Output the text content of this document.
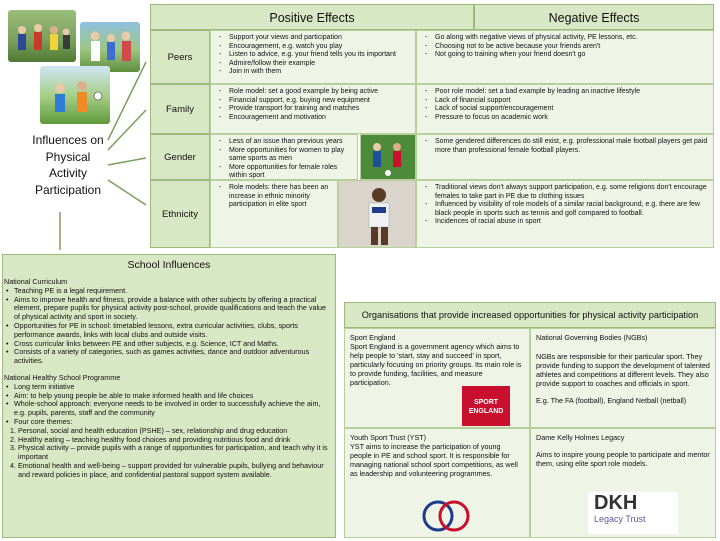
Positive Effects	Negative Effects
Influences on
Physical
Activity
Participation
Peers
Family
Gender
Ethnicity
- Support your views and participation
- Encouragement, e.g. watch you play
- Listen to advice, e.g. your friend tells you its important
- Admire/follow their example
- Join in with them
- Role model: set a good example by being active
- Financial support, e.g. buying new equipment
- Provide transport for training and matches
- Encouragement and motivation
- Less of an issue than previous years
- More opportunities for women to play same sports as men
- More opportunities for female roles within sport
- Role models: there has been an increase in ethnic minority participation in elite sport
- Go along with negative views of physical activity, PE lessons, etc.
- Choosing not to be active because your friends aren't
- Not going to training when your friend doesn't go
- Poor role model: set a bad example by leading an inactive lifestyle
- Lack of financial support
- Lack of social support/encouragement
- Pressure to focus on academic work
- Some gendered differences do still exist, e.g. professional male football players get paid more than professional female football players.
- Traditional views don't always support participation, e.g. some religions don't encourage females to take part in PE due to clothing issues
- Influenced by visibility of role models of a similar racial background, e.g. there are few black people in sports such as tennis and golf compared to football.
- Incidences of racial abuse in sport
School Influences
National Curriculum
• Teaching PE is a legal requirement.
• Aims to improve health and fitness, provide a balance with other subjects by offering a practical element, prepare pupils for physical activity post-school, provide qualifications and teach the value of physical activity and sport in society.
• Opportunities for PE in school: timetabled lessons, extra curricular activities, clubs, sports performance awards, links with local clubs and outside visits.
• Cross curricular links between PE and other subjects, e.g. Science, ICT and Maths.
• Consists of a variety of categories, such as games activities, dance and outdoor adventurous activities.
National Healthy School Programme
• Long term initiative
• Aim: to help young people be able to make informed health and life choices
• Whole-school approach: everyone needs to be involved in order to successfully achieve the aim, e.g. pupils, parents, staff and the community
• Four core themes:
1. Personal, social and health education (PSHE) – sex, relationship and drug education
2. Healthy eating – teaching healthy food choices and providing nutritious food and drink
3. Physical activity – provide pupils with a range of opportunities for participation, and teach why it is important
4. Emotional health and well-being – support provided for vulnerable pupils, bullying and behaviour and reward policies in place, and confidential pastoral support system available.
Organisations that provide increased opportunities for physical activity participation
Sport England
Sport England is a government agency which aims to help people to 'start, stay and succeed' in sport, particularly focusing on priority groups. Its main role is to provide funding, facilities, and measure participation.
SPORT
ENGLAND
National Governing Bodies (NGBs)
NGBs are responsible for their particular sport. They provide funding to support the development of talented athletes and competitions at different levels. They also provide support to coaches and officials in sport.
E.g. The FA (football), England Netball (netball)
Youth Sport Trust (YST)
YST aims to increase the participation of young people in PE and school sport. It is responsible for managing national school sport competitions, as well as leadership and volunteering programmes.
Dame Kelly Holmes Legacy
Aims to inspire young people to participate and mentor them, using elite sport role models.
DKH
Legacy Trust
